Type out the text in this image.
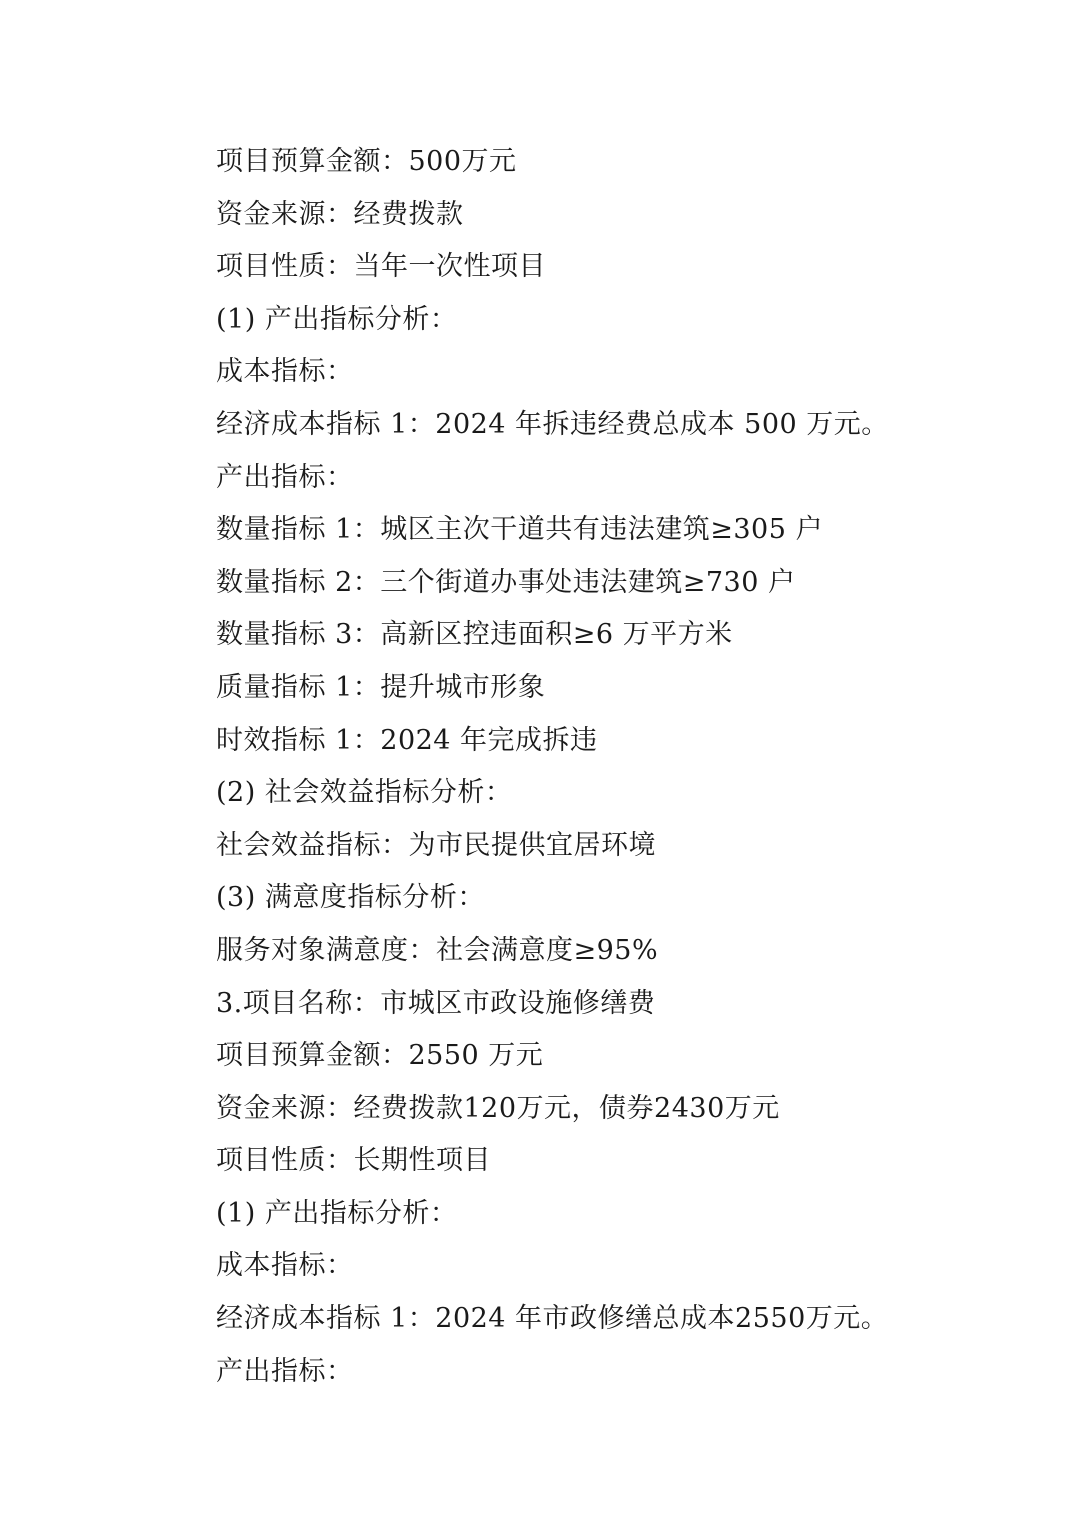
项目预算金额：500万元
资金来源：经费拨款
项目性质：当年一次性项目
(1) 产出指标分析：
成本指标：
经济成本指标 1：2024 年拆违经费总成本 500 万元。
产出指标：
数量指标 1：城区主次干道共有违法建筑≥305 户
数量指标 2：三个街道办事处违法建筑≥730 户
数量指标 3：高新区控违面积≥6 万平方米
质量指标 1：提升城市形象
时效指标 1：2024 年完成拆违
(2) 社会效益指标分析：
社会效益指标：为市民提供宜居环境
(3) 满意度指标分析：
服务对象满意度：社会满意度≥95%
3.项目名称：市城区市政设施修缮费
项目预算金额：2550 万元
资金来源：经费拨款120万元，债券2430万元
项目性质：长期性项目
(1) 产出指标分析：
成本指标：
经济成本指标 1：2024 年市政修缮总成本2550万元。
产出指标：
